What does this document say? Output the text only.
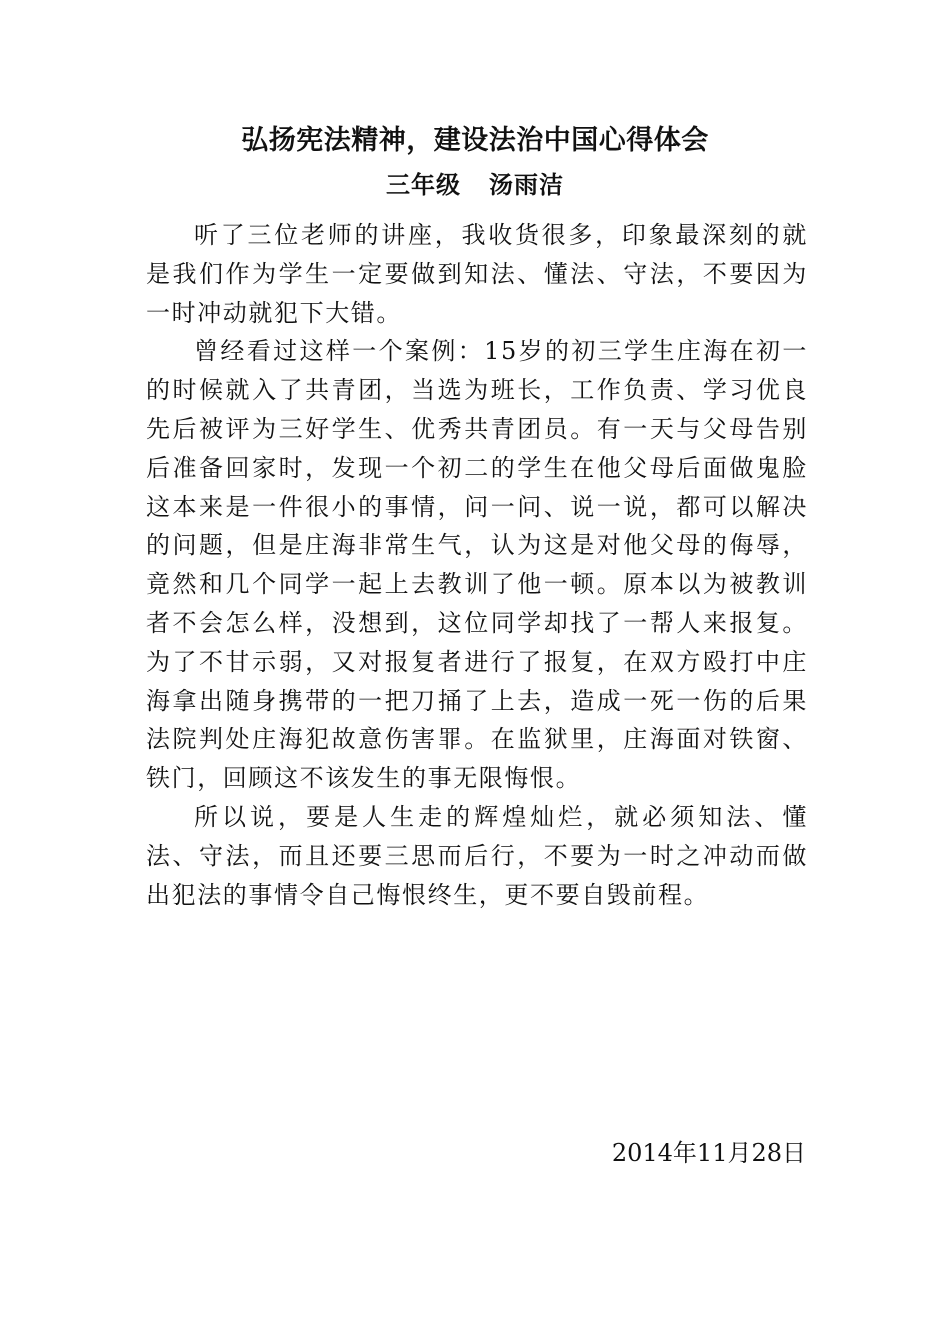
弘扬宪法精神，建设法治中国心得体会
三年级   汤雨洁

听了三位老师的讲座，我收货很多，印象最深刻的就是我们作为学生一定要做到知法、懂法、守法，不要因为一时冲动就犯下大错。

曾经看过这样一个案例：15岁的初三学生庄海在初一的时候就入了共青团，当选为班长，工作负责、学习优良先后被评为三好学生、优秀共青团员。有一天与父母告别后准备回家时，发现一个初二的学生在他父母后面做鬼脸这本来是一件很小的事情，问一问、说一说，都可以解决的问题，但是庄海非常生气，认为这是对他父母的侮辱，竟然和几个同学一起上去教训了他一顿。原本以为被教训者不会怎么样，没想到，这位同学却找了一帮人来报复。为了不甘示弱，又对报复者进行了报复，在双方殴打中庄海拿出随身携带的一把刀捅了上去，造成一死一伤的后果法院判处庄海犯故意伤害罪。在监狱里，庄海面对铁窗、铁门，回顾这不该发生的事无限悔恨。

所以说，要是人生走的辉煌灿烂，就必须知法、懂法、守法，而且还要三思而后行，不要为一时之冲动而做出犯法的事情令自己悔恨终生，更不要自毁前程。

2014年11月28日
